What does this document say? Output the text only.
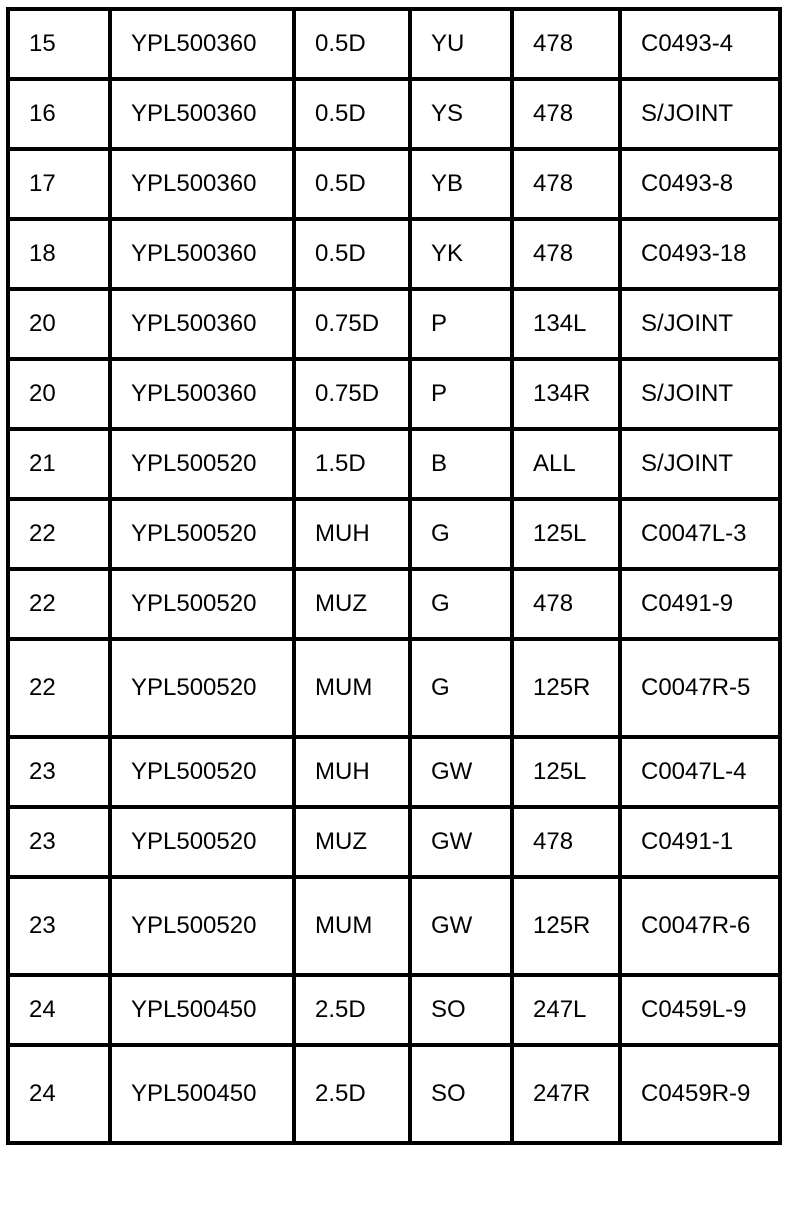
15	YPL500360	0.5D	YU	478	C0493-4
16	YPL500360	0.5D	YS	478	S/JOINT
17	YPL500360	0.5D	YB	478	C0493-8
18	YPL500360	0.5D	YK	478	C0493-18
20	YPL500360	0.75D	P	134L	S/JOINT
20	YPL500360	0.75D	P	134R	S/JOINT
21	YPL500520	1.5D	B	ALL	S/JOINT
22	YPL500520	MUH	G	125L	C0047L-3
22	YPL500520	MUZ	G	478	C0491-9
22	YPL500520	MUM	G	125R	C0047R-5
23	YPL500520	MUH	GW	125L	C0047L-4
23	YPL500520	MUZ	GW	478	C0491-1
23	YPL500520	MUM	GW	125R	C0047R-6
24	YPL500450	2.5D	SO	247L	C0459L-9
24	YPL500450	2.5D	SO	247R	C0459R-9
